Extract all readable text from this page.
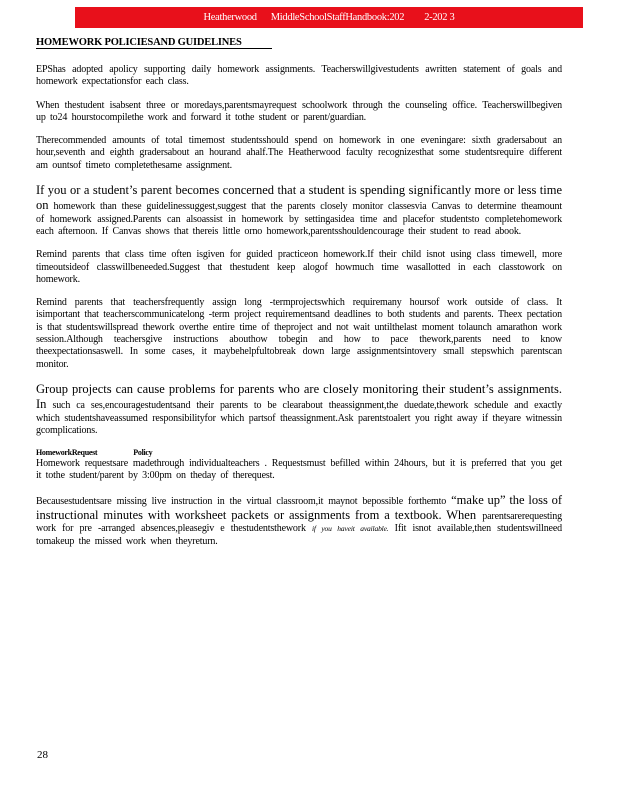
Heatherwood MiddleSchoolStaffHandbook:202 2-202 3
HOMEWORK POLICIESAND GUIDELINES

EPShas adopted apolicy supporting daily homework assignments. Teacherswillgivestudents awritten statement of goals and homework expectationsfor each class.

When thestudent isabsent three or moredays,parentsmayrequest schoolwork through the counseling office. Teacherswillbegiven up to24 hourstocompilethe work and forward it tothe student or parent/guardian.

Therecommended amounts of total timemost studentsshould spend on homework in one eveningare: sixth gradersabout an hour,seventh and eighth gradersabout an hourand ahalf.The Heatherwood faculty recognizesthat some studentsrequire different am ountsof timeto completethesame assignment.

If you or a student’s parent becomes concerned that a student is spending significantly more or less time on homework than these guidelinessuggest,suggest that the parents closely monitor classesvia Canvas to determine theamount of homework assigned.Parents can alsoassist in homework by settingasidea time and placefor studentsto completehomework each afternoon. If Canvas shows that thereis little orno homework,parentsshouldencourage their student to read abook.

Remind parents that class time often isgiven for guided practiceon homework.If their child isnot using class timewell, more timeoutsideof classwillbeneeded.Suggest that thestudent keep alogof howmuch time wasallotted in each classtowork on homework.

Remind parents that teachersfrequently assign long -termprojectswhich requiremany hoursof work outside of class. It isimportant that teacherscommunicatelong -term project requirementsand deadlines to both students and parents. Theex pectation is that studentswillspread thework overthe entire time of theproject and not wait untilthelast moment tolaunch amarathon work session.Although teachersgive instructions abouthow tobegin and how to pace thework,parents need to know theexpectationsaswell. In some cases, it maybehelpfultobreak down large assignmentsintovery small stepswhich parentscan monitor.

Group projects can cause problems for parents who are closely monitoring their student’s assignments. In such ca ses,encouragestudentsand their parents to be clearabout theassignment,the duedate,thework schedule and exactly which studentshaveassumed responsibilityfor which partsof theassignment.Ask parentstoalert you right away if theyare witnessin gcomplications.

HomeworkRequest	Policy

Homework requestsare madethrough individualteachers . Requestsmust befilled within 24hours, but it is preferred that you get it tothe student/parent by 3:00pm on theday of therequest.

Becausestudentsare missing live instruction in the virtual classroom,it maynot bepossible forthemto “make up” the loss of instructional minutes with worksheet packets or assignments from a textbook. When parentsarerequesting work for pre -arranged absences,pleasegiv e thestudentsthework if you haveit available. Ifit isnot available,then studentswillneed tomakeup the missed work when theyreturn.

28
